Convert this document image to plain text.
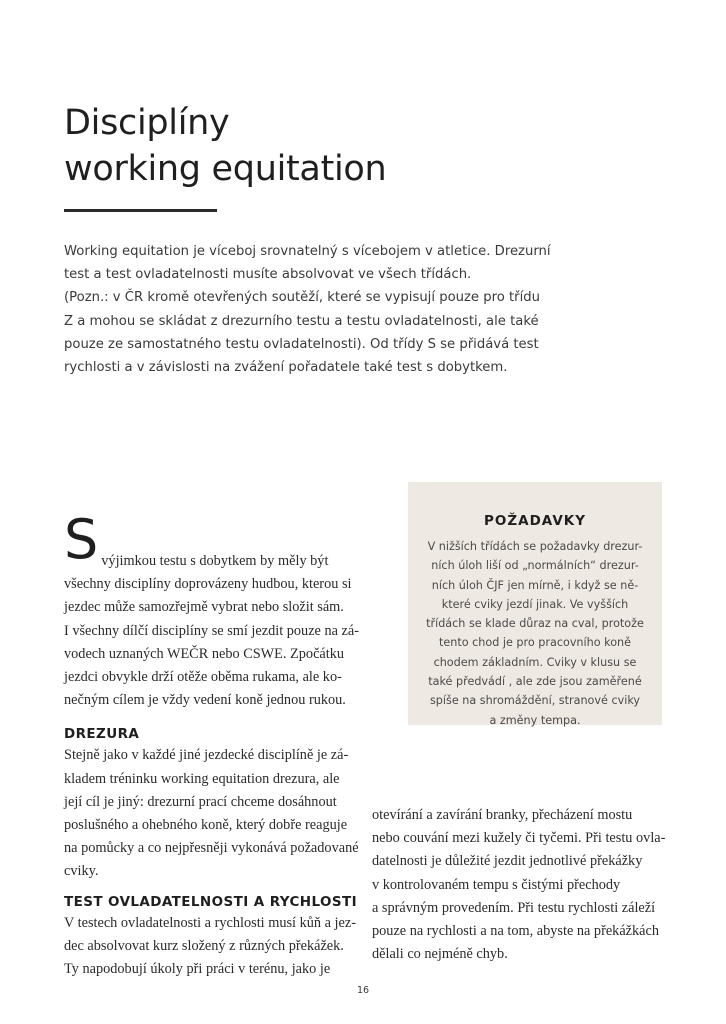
Disciplíny
working equitation

Working equitation je víceboj srovnatelný s víceboj​em v atletice. Drezurní

test a test ovladatelnosti musíte absolvovat ve všech třídách.

(Pozn.: v ČR kromě otevřených soutěží, které se vypisují pouze pro třídu

Z a mohou se skládat z drezurního testu a testu ovladatelnosti, ale také

pouze ze samostatného testu ovladatelnosti). Od třídy S se přidává test

rychlosti a v závislosti na zvážení pořadatele také test s dobytkem.

S výjimkou testu s dobytkem by měly být

všechny disciplíny doprovázeny hudbou, kterou si

jezdec může samozřejmě vybrat nebo složit sám.

I všechny dílčí disciplíny se smí jezdit pouze na zá-

vodech uznaných WEČR nebo CSWE. Zpočátku

jezdci obvykle drží otěže oběma rukama, ale ko-

nečným cílem je vždy vedení koně jednou rukou.

DREZURA

Stejně jako v každé jiné jezdecké disciplíně je zá-

kladem tréninku working equitation drezura, ale

její cíl je jiný: drezurní prací chceme dosáhnout

poslušného a ohebného koně, který dobře reaguje

na pomůcky a co nejpřesněji vykonává požadované

cviky.

TEST OVLADATELNOSTI A RYCHLOSTI

V testech ovladatelnosti a rychlosti musí kůň a jez-

dec absolvovat kurz složený z různých překážek.

Ty napodobují úkoly při práci v terénu, jako je

otevírání a zavírání branky, přecházení mostu

nebo couvání mezi kužely či tyčemi. Při testu ovla-

datelnosti je důležité jezdit jednotlivé překážky

v kontrolovaném tempu s čistými přechody

a správným provedením. Při testu rychlosti záleží

pouze na rychlosti a na tom, abyste na překážkách

dělali co nejméně chyb.

POŽADAVKY

V nižších třídách se požadavky drezur-

ních úloh liší od „normálních“ drezur-

ních úloh ČJF jen mírně, i když se ně-

které cviky jezdí jinak. Ve vyšších

třídách se klade důraz na cval, protože

tento chod je pro pracovního koně

chodem základním. Cviky v klusu se

také předvádí , ale zde jsou zaměřené

spíše na shromáždění, stranové cviky

a změny tempa.

16
